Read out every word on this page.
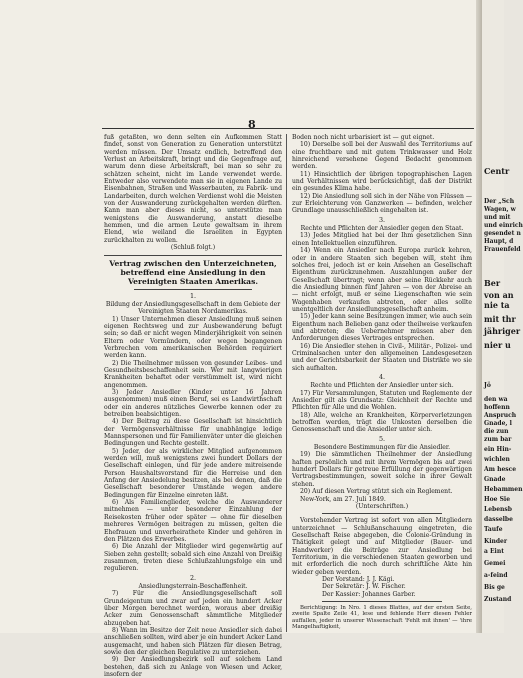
8

fuß getaßten, wo denn selten ein Aufkommen Statt findet, sonst von Generation zu Generation unterstützt werden müssen. Der Umsatz endlich, betreffend den Verlust an Arbeitskraft, bringt und die Gegenfrage auf, warum denn diese Arbeitskraft, bei man so sehr zu schätzen scheint, nicht im Lande verwendet werde. Entweder also verwendete man sie in eigenen Lande zu Eisenbahnen, Straßen und Wasserbauten, zu Fabrik- und Landarbeiten, durch welchen Verdienst wohl die Meisten von der Auswanderung zurückgehalten werden dürften. Kann man aber dieses nicht, so unterstütze man wenigstens die Auswanderung, anstatt dieselbe hemmen, und die armen Leute gewaltsam in ihrem Elend, wie weiland die Israeliten in Egypten zurückhalten zu wollen.

(Schluß folgt.)

Vertrag zwischen den Unterzeichneten, betreffend eine Ansiedlung in den Vereinigten Staaten Amerikas.
1.

Bildung der Ansiedlungsgesellschaft in dem Gebiete der Vereinigten Staaten Nordamerikas.

1) Unser Unternehmen dieser Ansiedlung muß seinen eigenen Rechtsweg und zur Ausbewanderung befugt sein; so daß er nicht wegen Minderjährigkeit von seinen Eltern oder Vormündern, oder wegen begangenen Verbrechen vom amerikanischen Behörden requiriert werden kann.

2) Die Theilnehmer müssen von gesunder Leibes- und Gesundheitsbeschaffenheit sein. Wer mit langwierigen Krankheiten behaftet oder verstümmelt ist, wird nicht angenommen.

3) Jeder Ansiedler (Kinder unter 16 Jahren ausgenommen) muß einen Beruf, sei es Landwirthschaft oder ein anderes nützliches Gewerbe kennen oder zu betreiben beabsichtigen.

4) Der Beitrag zu diese Gesellschaft ist hinsichtlich der Vermögensverhältnisse für unabhängige ledige Mannspersonen und für Familienväter unter die gleichen Bedingungen und Rechte gestellt.

5) Jeder, der als wirklicher Mitglied aufgenommen werden will, muß wenigstens zwei hundert Dollars der Gesellschaft einlegen, und für jede andere mitreisende Person Haushaltsvorstand für die Herreise und den Anfang der Ansiedelung besitzen, als bei denen, daß die Gesellschaft besonderer Umstände wegen andere Bedingungen für Einzelne einreten läßt.

6) Als Familienglieder, welche die Auswanderer mitnehmen — unter besonderer Einzahlung der Reisekosten früher oder später — ohne für dieselben mehreres Vermögen beitragen zu müssen, gelten die Ehefrauen und unverheirathete Kinder und gehören in den Plätzen des Erwerbes.

6) Die Anzahl der Mitglieder wird gegenwärtig auf Sieben zehn gestellt; sobald sich eine Anzahl von Dreißig zusammen, treten diese Schlußzahlungsfolge ein und regulieren.

2.

Ansiedlungsterrain-Beschaffenheit.

7) Für die Ansiedlungsgesellschaft soll Grundeigentum und zwar auf jeden ein hundert Acker über Morgen berechnet werden, woraus aber dreißig Acker zum Genossenschaft sämmtliche Mitglieder abzugeben hat.

8) Wann im Besitze der Zeit neue Ansiedler sich dabei anschließen sollten, wird aber je ein hundert Acker Land ausgemacht, und haben sich Plätzen für diesen Betrag, sowie den der gleichen Regulative zu unterziehen.

9) Der Ansiedlungsbezirk soll auf solchem Land bestehen, daß sich zu Anlage von Wiesen und Acker, insofern der

Boden noch nicht urbarisiert ist — gut eignet.

10) Derselbe soll bei der Auswahl des Territoriums auf eine fruchtbare und mit gutem Trinkwasser und Holz hinreichend versehene Gegend Bedacht genommen werden.

11) Hinsichtlich der übrigen topographischen Lagen und Verhältnissen wird berücksichtigt, daß der Distrikt ein gesundes Klima habe.

12) Die Ansiedlung soll sich in der Nähe von Flüssen — zur Erleichterung von Ganzwerken — befinden, welcher Grundlage unausschließlich eingehalten ist.

3.

Rechte und Pflichten der Ansiedler gegen den Staat.

13) Jedes Mitglied hat bei der Ihm gesetzlichen Sinn einen Intellektuellen einzuführen.

14) Wenn ein Ansiedler nach Europa zurück kehren, oder in andere Staaten sich begeben will, steht ihm solches frei, jedoch ist er kein Ansehen an Gesellschaft Eigenthum zurückzunehmen. Auszahlungen außer der Gesellschaft übertragt; wenn aber seine Rückkehr auch die Ansiedlung binnen fünf Jahren — von der Abreise an — nicht erfolgt, muß er seine Liegenschaften wie sein Wagenhaben verkaufen abtreten, oder alles sollte unentgeltlich der Ansiedlungsgesellschaft anheim.

15) Jeder kann seine Besitzungen immer, wie auch sein Eigenthum nach Belieben ganz oder theilweise verkaufen und abtreten; die Uebernehmer müssen aber den Anforderungen dieses Vertrages entsprechen.

16) Die Ansiedler stehen in Civil-, Militär-, Polizei- und Criminalsachen unter den allgemeinen Landesgesetzen und der Gerichtsbarkeit der Staaten und Distrikte wo sie sich aufhalten.

4.

Rechte und Pflichten der Ansiedler unter sich.

17) Für Versammlungen, Statuten und Reglemente der Ansiedler gilt als Grundsatz: Gleichheit der Rechte und Pflichten für Alle und die Wohlen.

18) Alle, welche an Krankheiten, Körperverletzungen betroffen werden, trägt die Unkosten derselben die Genossenschaft und die Ansiedler unter sich.

5.

Besondere Bestimmungen für die Ansiedler.

19) Die sämmtlichen Theilnehmer der Ansiedlung haften persönlich und mit ihrem Vermögen bis auf zwei hundert Dollars für getreue Erfüllung der gegenwärtigen Vertragsbestimmungen, soweit solche in ihrer Gewalt stehen.

20) Auf diesen Vertrag stützt sich ein Reglement.

New-York, am 27. Juli 1849.

(Unterschriften.)

Vorstehender Vertrag ist sofort von allen Mitgliedern unterzeichnet — Schlußanschauung eingetreten, die Gesellschaft Reise abgegeben, die Colonie-Gründung in Thätigkeit gelegt und auf Mitglieder (Bauer- und Handwerker) die Beiträge zur Ansiedlung bei Territorium, in die verschiedenen Staaten geworben und mit erforderlich die noch durch schriftliche Akte hin wieder geben werden.

Der Vorstand: J. J. Kägi.

Der Sekretär: J. W. Fischer.

Der Kassier: Johannes Garber.

Berichtigung: In Nro. 1 dieses Blattes, auf der ersten Seite, zweite Spalte Zeile 41, lese und fehlende Herr diesen Fehler auffallen, jeder in unserer Wissenschaft 'Fehlt mit ihnen' — 'ihre Mangelhaftigkeit,

Centr
Der „Sch
Wagen, w
und mit
und einrich
gesendet n
Haupt, d
Frauenfeld
Ber
von an
nie ta
mit thr
jähriger
nier u
Jö
den wa
hoffenn
Anspruch
Gnade, l
die zun
zum bar
ein Hin-
wichlen
Am hesce
Gnade
Hebammen
Hoe Sie
Lebensb
dasselbe
Taufe
Kinder
a Eint
Gemei
a-feind
Bis ge
Zustand
